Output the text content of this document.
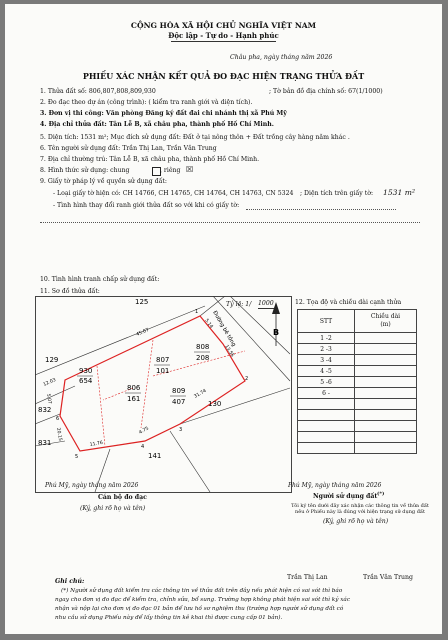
CỘNG HÒA XÃ HỘI CHỦ NGHĨA VIỆT NAM
Độc lập - Tự do - Hạnh phúc
Châu pha, ngày tháng năm 2026
PHIẾU XÁC NHẬN KẾT QUẢ ĐO ĐẠC HIỆN TRẠNG THỬA ĐẤT
1. Thửa đất số: 806,807,808,809,930	; Tờ bản đồ địa chính số: 67(1/1000)
2. Đo đạc theo dự án (công trình): ( kiểm tra ranh giới và diện tích).
3. Đơn vị thi công: Văn phòng Đăng ký đất đai chi nhánh thị xã Phú Mỹ
4. Địa chỉ thửa đất: Tân Lễ B, xã châu pha, thành phố Hồ Chí Minh.
5. Diện tích: 1531 m²; Mục đích sử dụng đất: Đất ở tại nông thôn + Đất trồng cây hàng năm khác .
6. Tên người sử dụng đất: Trần Thị Lan, Trần Văn Trung
7. Địa chỉ thường trú: Tân Lễ B, xã châu pha, thành phố Hồ Chí Minh.
8. Hình thức sử dụng: chung	, riêng ☒
9. Giấy tờ pháp lý về quyền sử dụng đất:
- Loại giấy tờ hiện có: CH 14766, CH 14765, CH 14764, CH 14763, CN 5324 ; Diện tích trên giấy tờ: 1531 m²
- Tình hình thay đổi ranh giới thửa đất so với khi có giấy tờ:
10. Tình hình tranh chấp sử dụng đất:
11. Sơ đồ thửa đất:
12. Tọa độ và chiều dài cạnh thửa
Tỷ lệ: 1/ 1000
B
125
129
930
654
807
101
808
208
806
161
809
407	130
832
831
141
Đường bê tông
45.07
12.03
5.14
13.55
31.74
11.76
20.15
5.07
4.75
1
2
3
4
5
6
STT	Chiều dài
(m)
1 -2	
2 -3	
3 -4	
4 -5	
5 -6	
6 -	

Phú Mỹ, ngày tháng năm 2026
Cán bộ đo đạc
(Ký, ghi rõ họ và tên)
Phú Mỹ, ngày tháng năm 2026
Người sử dụng đất (*)
Tôi ký tên dưới đây xác nhận các thông tin về thửa đất
nêu ở Phiếu này là đúng với hiện trạng sử dụng đất
(Ký, ghi rõ họ và tên)
Trần Thị Lan	Trần Văn Trung
Ghi chú:
(*) Người sử dụng đất kiểm tra các thông tin về thửa đất trên đây nếu phát hiện có sai sót thì báo
ngay cho đơn vị đo đạc để kiểm tra, chỉnh sửa, bổ sung. Trường hợp không phát hiện sai sót thì ký xác
nhận và nộp lại cho đơn vị đo đạc 01 bản để lưu hồ sơ nghiệm thu (trường hợp người sử dụng đất có
nhu cầu sử dụng Phiếu này để lấy thông tin kê khai thì được cung cấp 01 bản).
